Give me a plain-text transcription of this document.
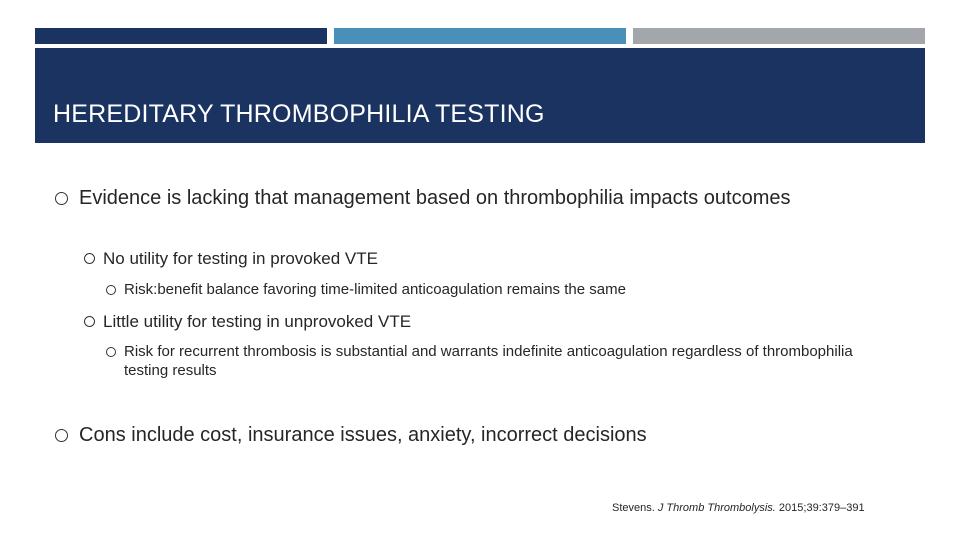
HEREDITARY THROMBOPHILIA TESTING
Evidence is lacking that management based on thrombophilia impacts outcomes
No utility for testing in provoked VTE
Risk:benefit balance favoring time-limited anticoagulation remains the same
Little utility for testing in unprovoked VTE
Risk for recurrent thrombosis is substantial and warrants indefinite anticoagulation regardless of thrombophilia testing results
Cons include cost, insurance issues, anxiety, incorrect decisions
Stevens. J Thromb Thrombolysis. 2015;39:379–391
